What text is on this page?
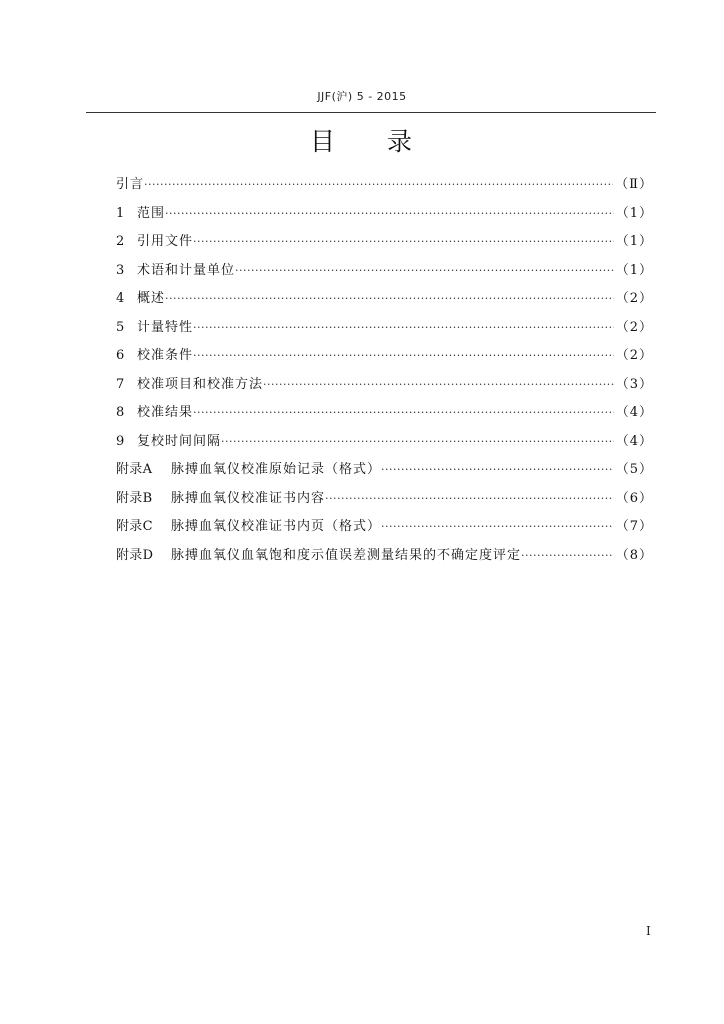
JJF(沪) 5 - 2015
目 录
引言 ·····	（Ⅱ）
1 范围 ·····	（1）
2 引用文件 ·····	（1）
3 术语和计量单位 ·····	（1）
4 概述 ·····	（2）
5 计量特性 ·····	（2）
6 校准条件 ·····	（2）
7 校准项目和校准方法 ·····	（3）
8 校准结果 ·····	（4）
9 复校时间间隔 ·····	（4）
附录A	脉搏血氧仪校准原始记录（格式） ·····	（5）
附录B	脉搏血氧仪校准证书内容 ·····	（6）
附录C	脉搏血氧仪校准证书内页（格式） ·····	（7）
附录D	脉搏血氧仪血氧饱和度示值误差测量结果的不确定度评定 ·····	（8）
I
